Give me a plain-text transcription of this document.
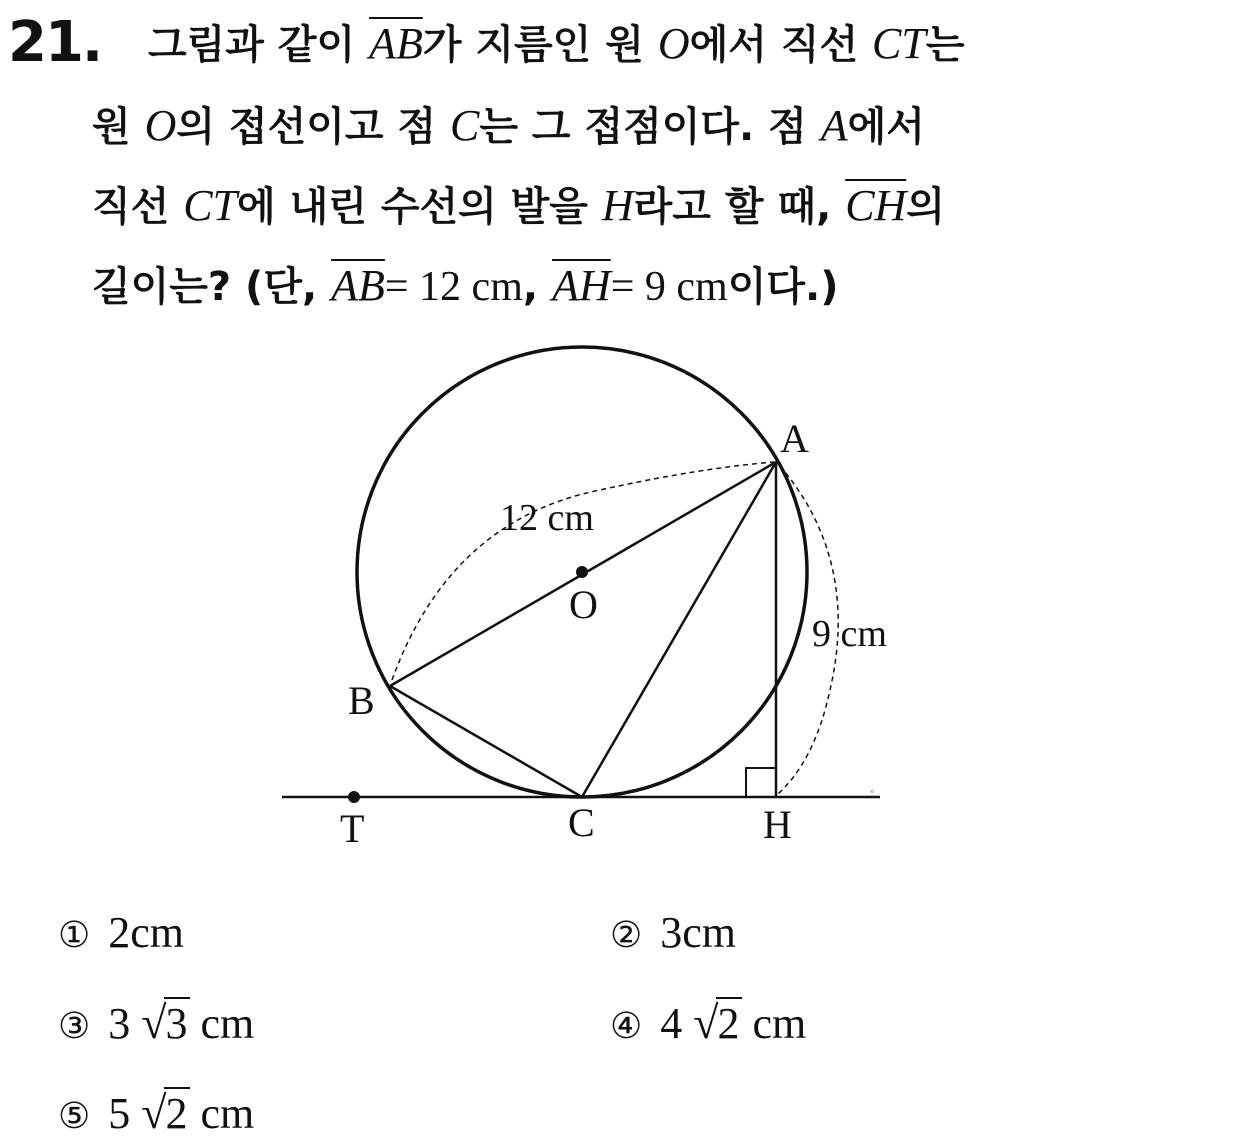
21. 그림과 같이 $\overline{AB}$가 지름인 원 O에서 직선 CT는
원 O의 접선이고 점 C는 그 접점이다. 점 A에서
직선 CT에 내린 수선의 발을 H라고 할 때, $\overline{CH}$의
길이는? (단, $\overline{AB}= 12$ cm, $\overline{AH}= 9$ cm이다.)
A
B
C
O
T	H
12 cm
9 cm
◦
① 2cm	② 3cm
③ 3 √3 cm	④ 4 √2 cm
⑤ 5 √2 cm
